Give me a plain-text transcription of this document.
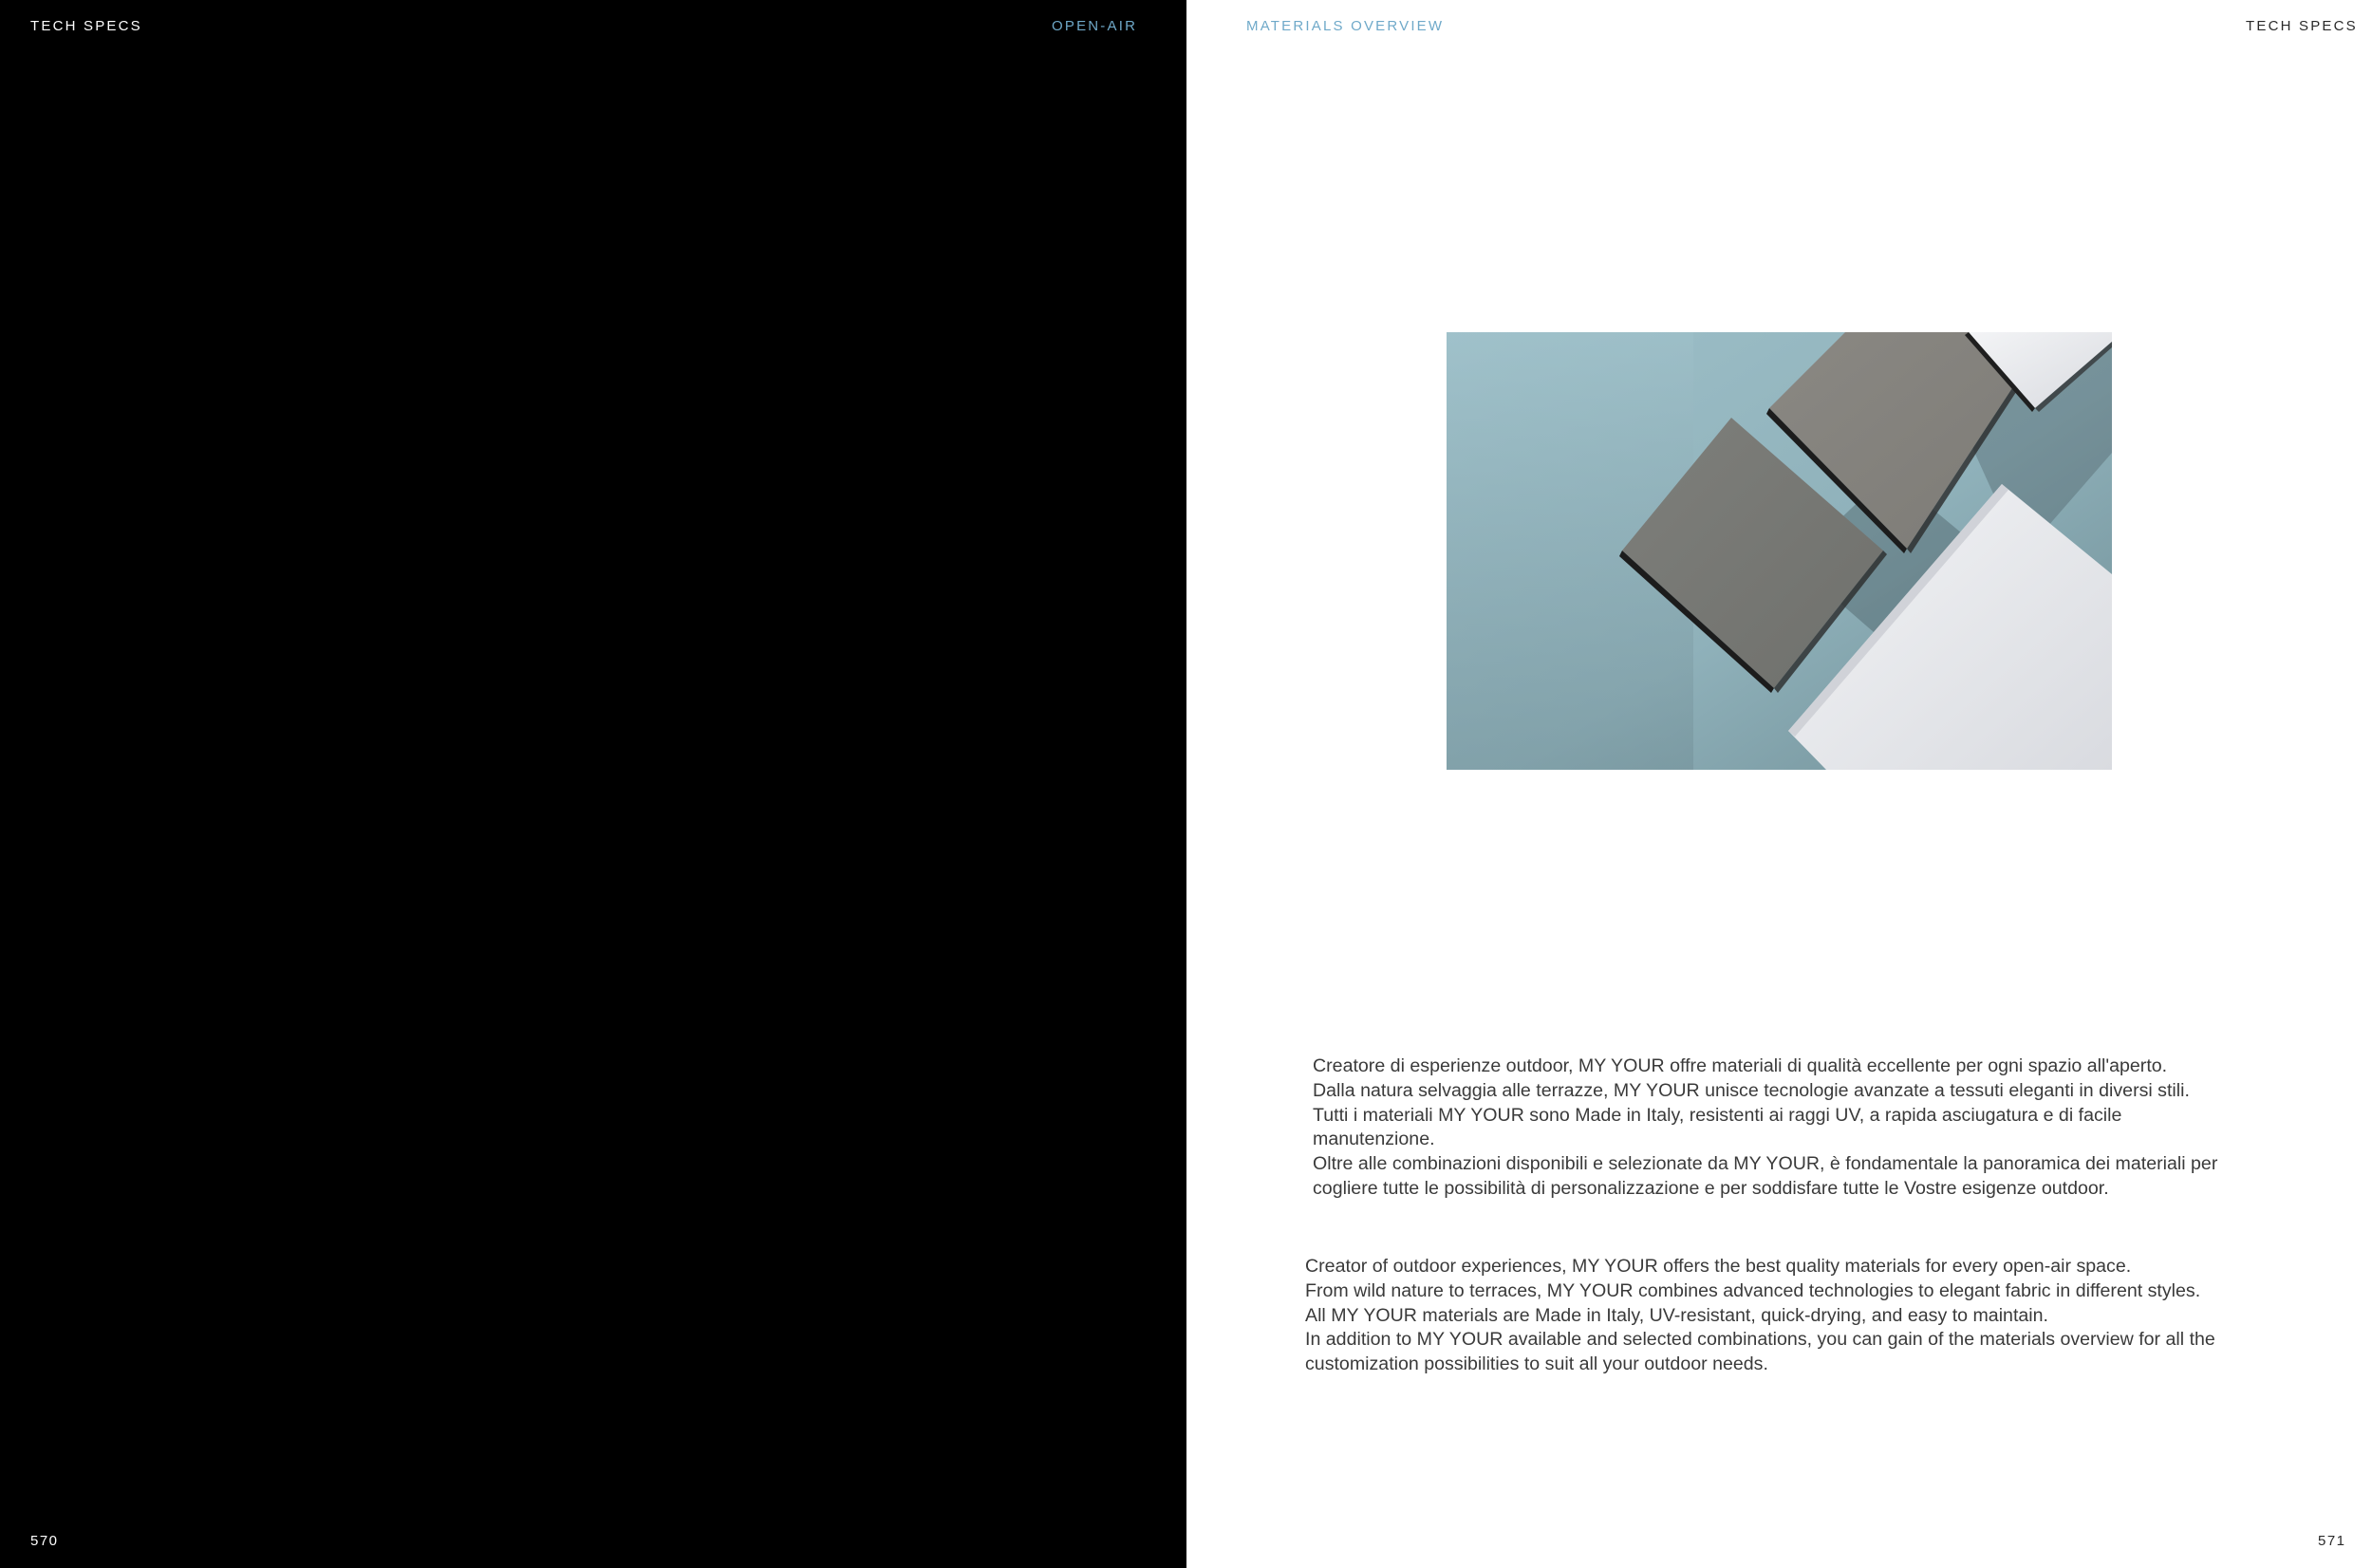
TECH SPECS	OPEN-AIR
570
MATERIALS OVERVIEW	TECH SPECS

Creatore di esperienze outdoor, MY YOUR offre materiali di qualità eccellente per ogni spazio all'aperto.

Dalla natura selvaggia alle terrazze, MY YOUR unisce tecnologie avanzate a tessuti eleganti in diversi stili. Tutti i materiali MY YOUR sono Made in Italy, resistenti ai raggi UV, a rapida asciugatura e di facile manutenzione.

Oltre alle combinazioni disponibili e selezionate da MY YOUR, è fondamentale la panoramica dei materiali per cogliere tutte le possibilità di personalizzazione e per soddisfare tutte le Vostre esigenze outdoor.

Creator of outdoor experiences, MY YOUR offers the best quality materials for every open-air space.

From wild nature to terraces, MY YOUR combines advanced technologies to elegant fabric in different styles.

All MY YOUR materials are Made in Italy, UV-resistant, quick-drying, and easy to maintain.

In addition to MY YOUR available and selected combinations, you can gain of the materials overview for all the customization possibilities to suit all your outdoor needs.

571
